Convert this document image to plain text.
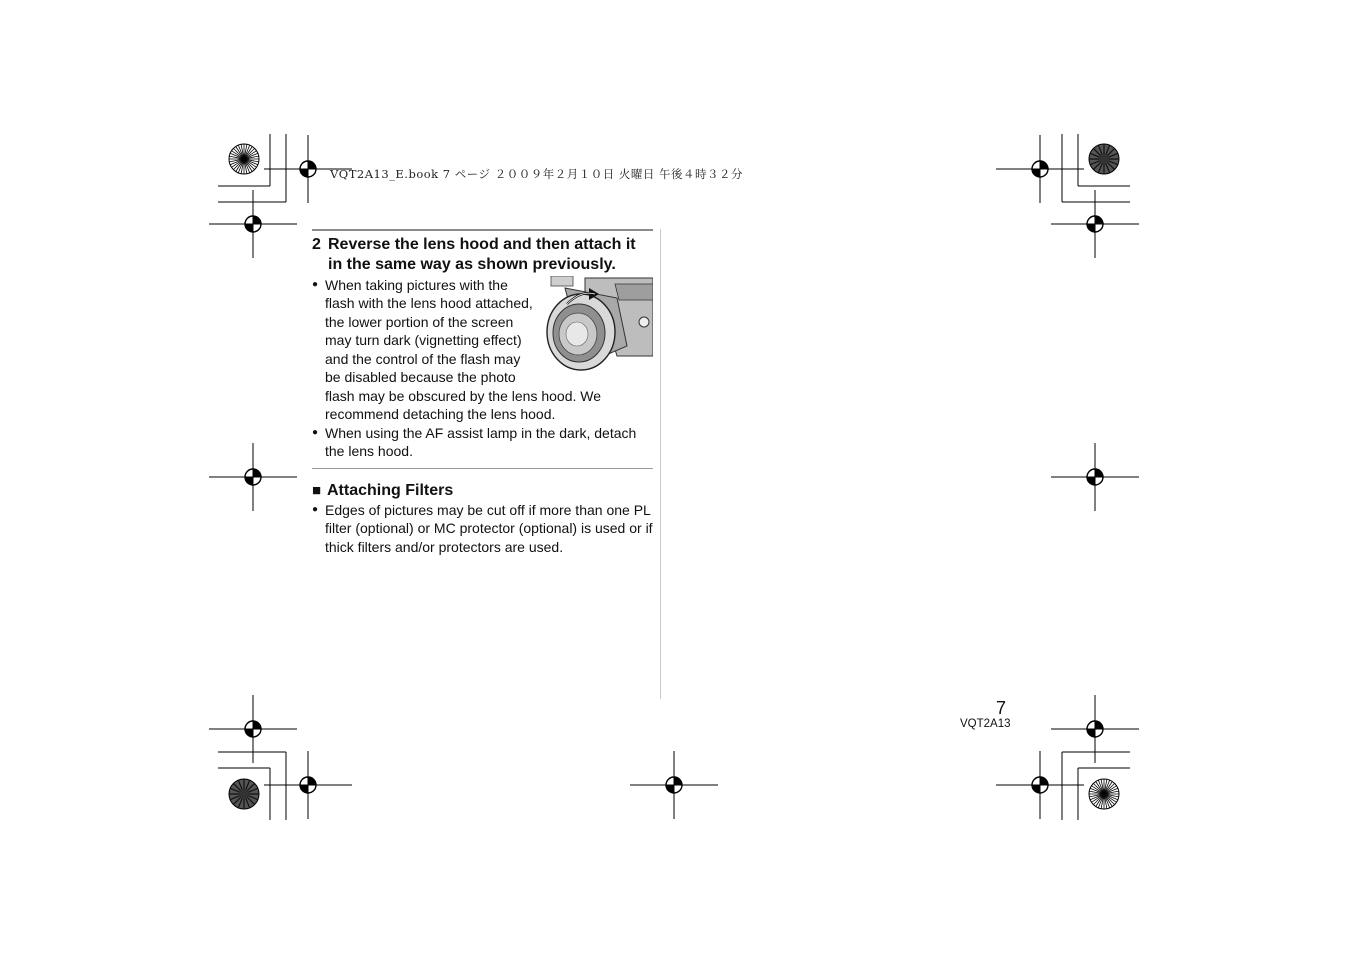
VQT2A13_E.book 7 ページ ２００９年２月１０日 火曜日 午後４時３２分
2 Reverse the lens hood and then attach it in the same way as shown previously.
● When taking pictures with the flash with the lens hood attached, the lower portion of the screen may turn dark (vignetting effect) and the control of the flash may be disabled because the photo flash may be obscured by the lens hood. We recommend detaching the lens hood.
● When using the AF assist lamp in the dark, detach the lens hood.
■ Attaching Filters
● Edges of pictures may be cut off if more than one PL filter (optional) or MC protector (optional) is used or if thick filters and/or protectors are used.
7
VQT2A13
